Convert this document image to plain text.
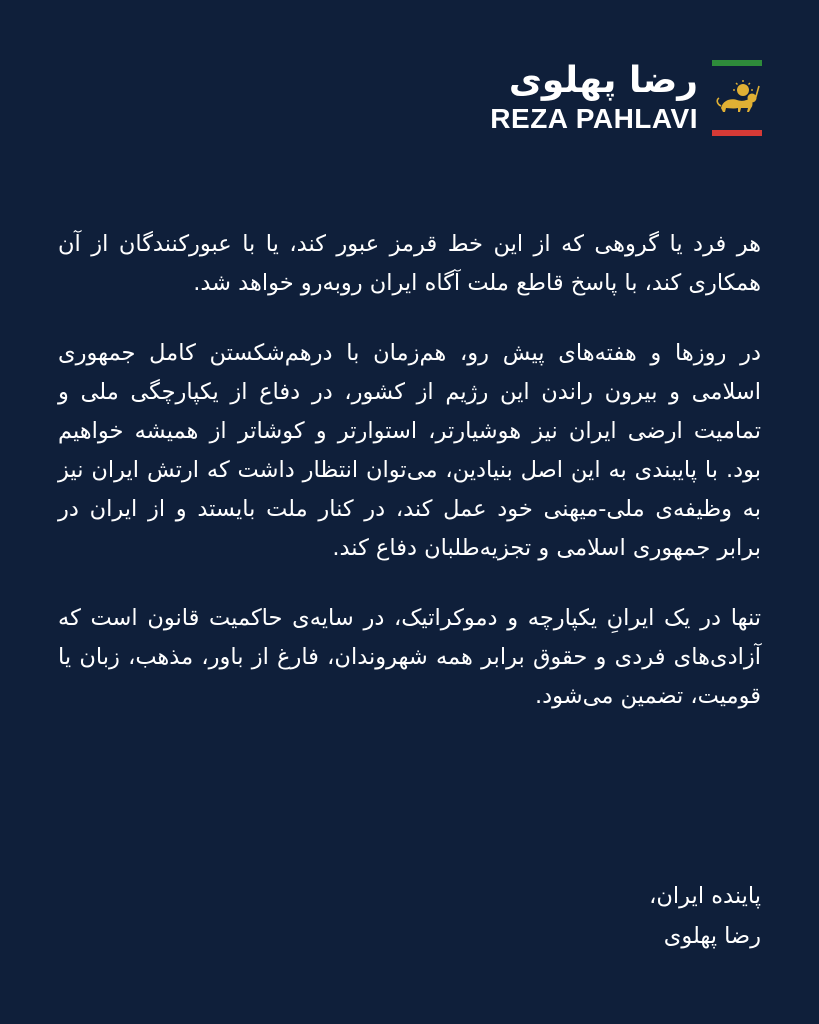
رضا پهلوی
REZA PAHLAVI

هر فرد یا گروهی که از این خط قرمز عبور کند، یا با عبورکنندگان از آن همکاری کند، با پاسخ قاطع ملت آگاه ایران روبه‌رو خواهد شد.

در روزها و هفته‌های پیش رو، هم‌زمان با درهم‌شکستن کامل جمهوری اسلامی و بیرون راندن این رژیم از کشور، در دفاع از یکپارچگی ملی و تمامیت ارضی ایران نیز هوشیارتر، استوارتر و کوشاتر از همیشه خواهیم بود. با پایبندی به این اصل بنیادین، می‌توان انتظار داشت که ارتش ایران نیز به وظیفه‌ی ملی-میهنی خود عمل کند، در کنار ملت بایستد و از ایران در برابر جمهوری اسلامی و تجزیه‌طلبان دفاع کند.

تنها در یک ایرانِ یکپارچه و دموکراتیک، در سایه‌ی حاکمیت قانون است که آزادی‌های فردی و حقوق برابر همه شهروندان، فارغ از باور، مذهب، زبان یا قومیت، تضمین می‌شود.

پاینده ایران،
رضا پهلوی
